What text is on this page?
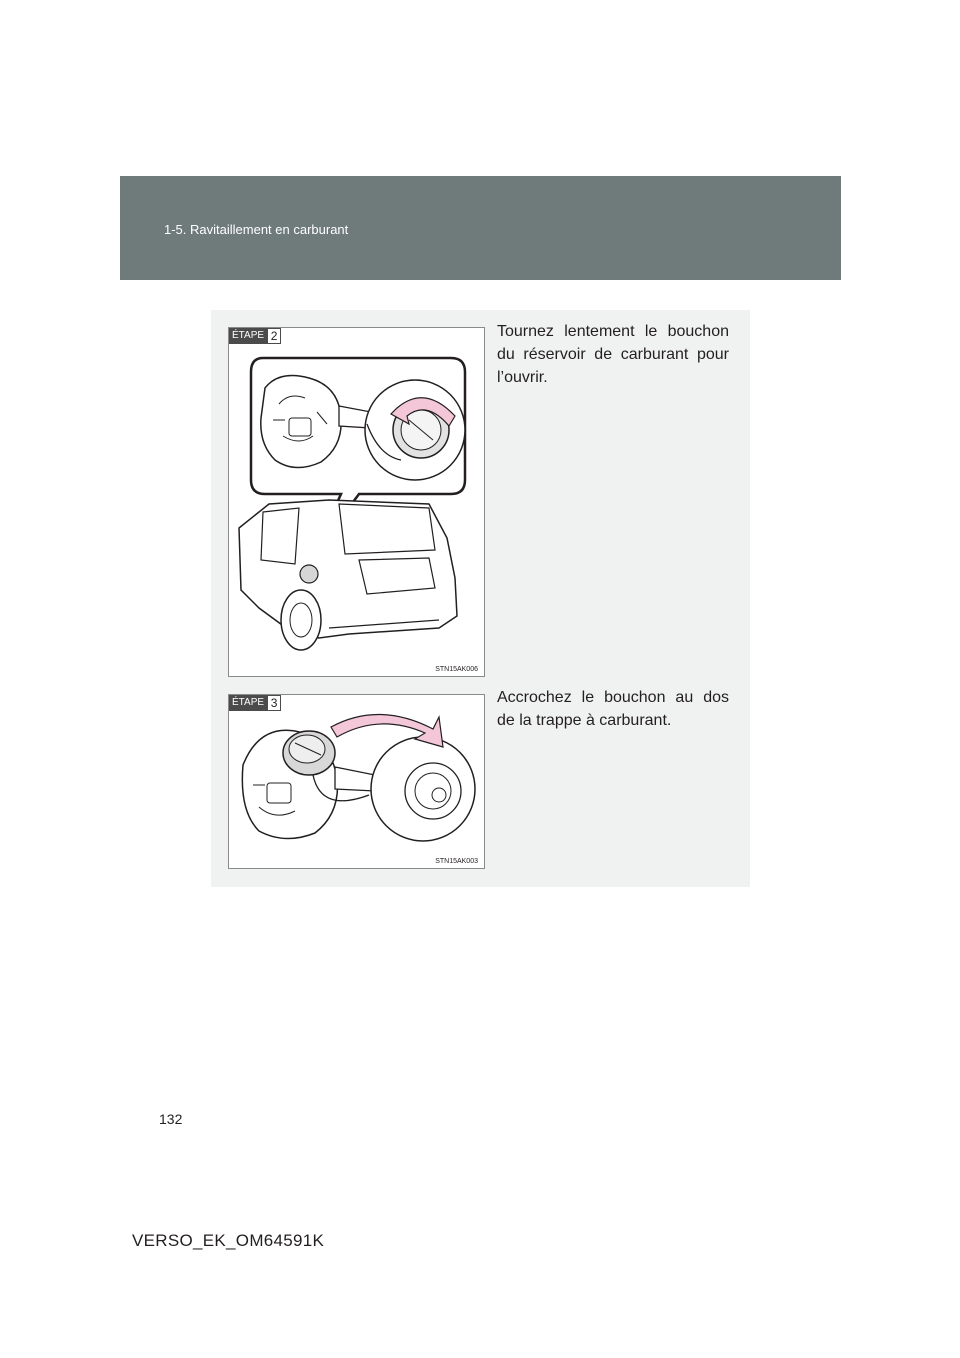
1-5. Ravitaillement en carburant
ÉTAPE 2
STN15AK006
Tournez lentement le bouchon du réservoir de carburant pour l’ouvrir.
ÉTAPE 3
STN15AK003
Accrochez le bouchon au dos de la trappe à carburant.
132
VERSO_EK_OM64591K
